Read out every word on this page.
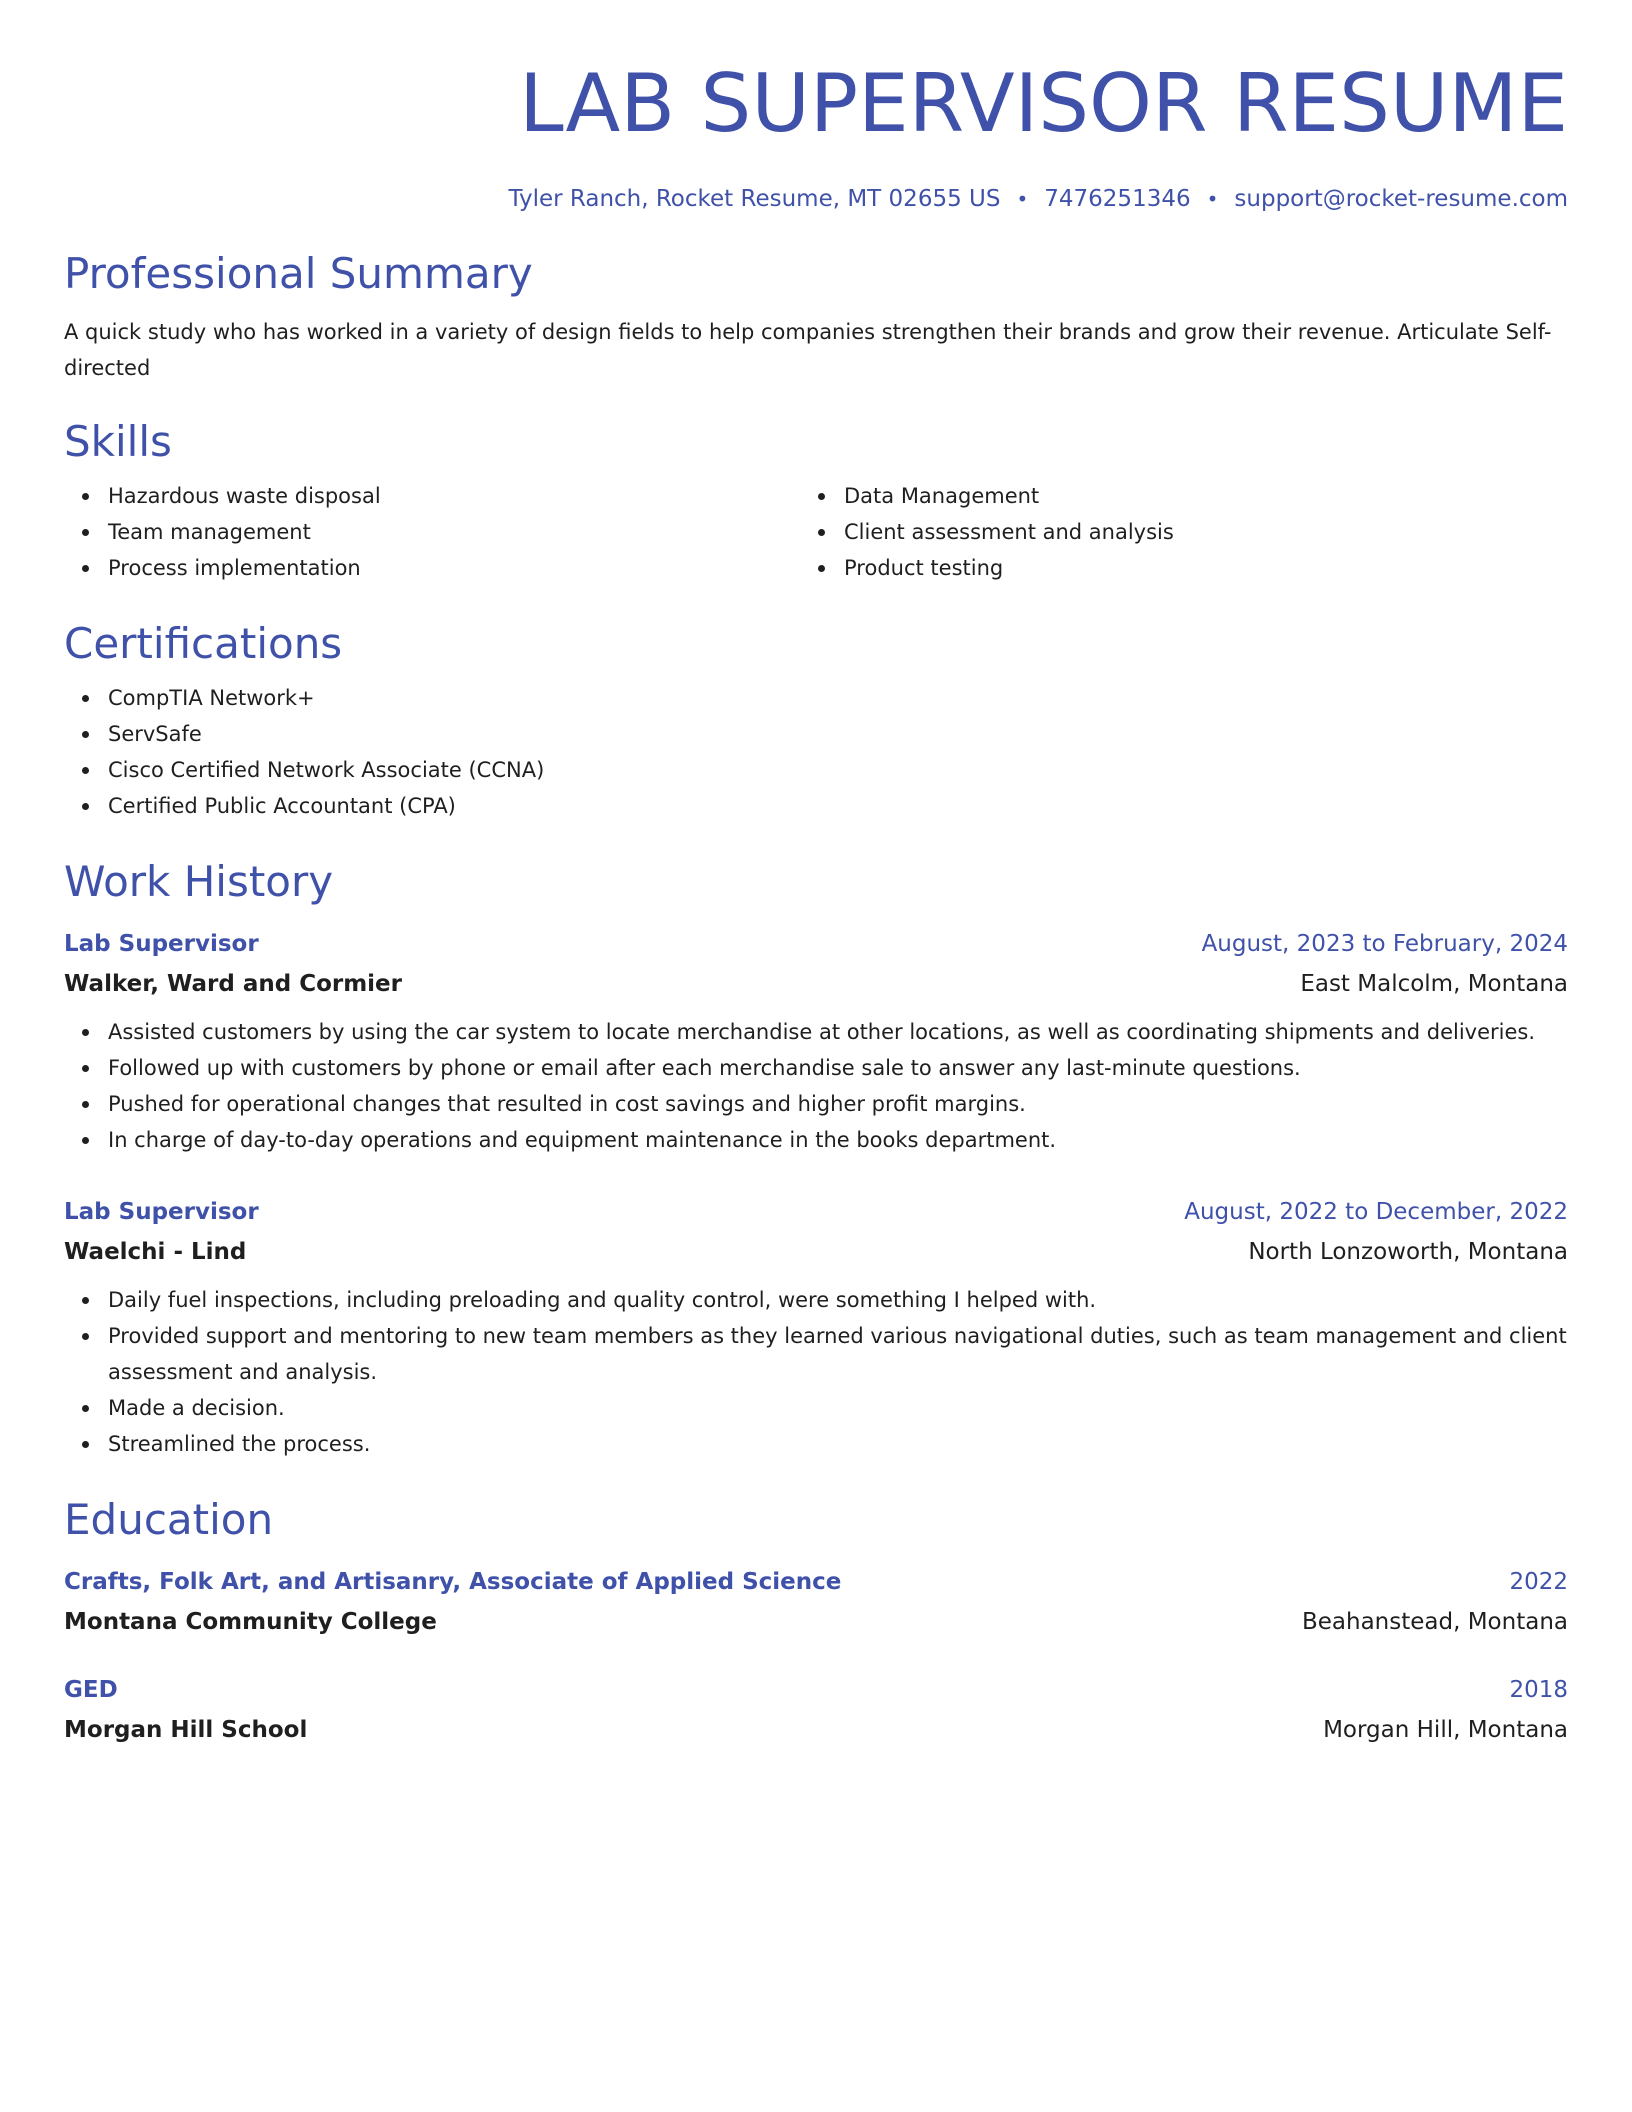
LAB SUPERVISOR RESUME
Tyler Ranch, Rocket Resume, MT 02655 US • 7476251346 • support@rocket-resume.com
Professional Summary
A quick study who has worked in a variety of design fields to help companies strengthen their brands and grow their revenue. Articulate Self-directed
Skills
Hazardous waste disposal
Team management
Process implementation
Data Management
Client assessment and analysis
Product testing
Certifications
CompTIA Network+
ServSafe
Cisco Certified Network Associate (CCNA)
Certified Public Accountant (CPA)
Work History
Lab Supervisor	August, 2023 to February, 2024
Walker, Ward and Cormier	East Malcolm, Montana
Assisted customers by using the car system to locate merchandise at other locations, as well as coordinating shipments and deliveries.
Followed up with customers by phone or email after each merchandise sale to answer any last-minute questions.
Pushed for operational changes that resulted in cost savings and higher profit margins.
In charge of day-to-day operations and equipment maintenance in the books department.
Lab Supervisor	August, 2022 to December, 2022
Waelchi - Lind	North Lonzoworth, Montana
Daily fuel inspections, including preloading and quality control, were something I helped with.
Provided support and mentoring to new team members as they learned various navigational duties, such as team management and client assessment and analysis.
Made a decision.
Streamlined the process.
Education
Crafts, Folk Art, and Artisanry, Associate of Applied Science	2022
Montana Community College	Beahanstead, Montana
GED	2018
Morgan Hill School	Morgan Hill, Montana
